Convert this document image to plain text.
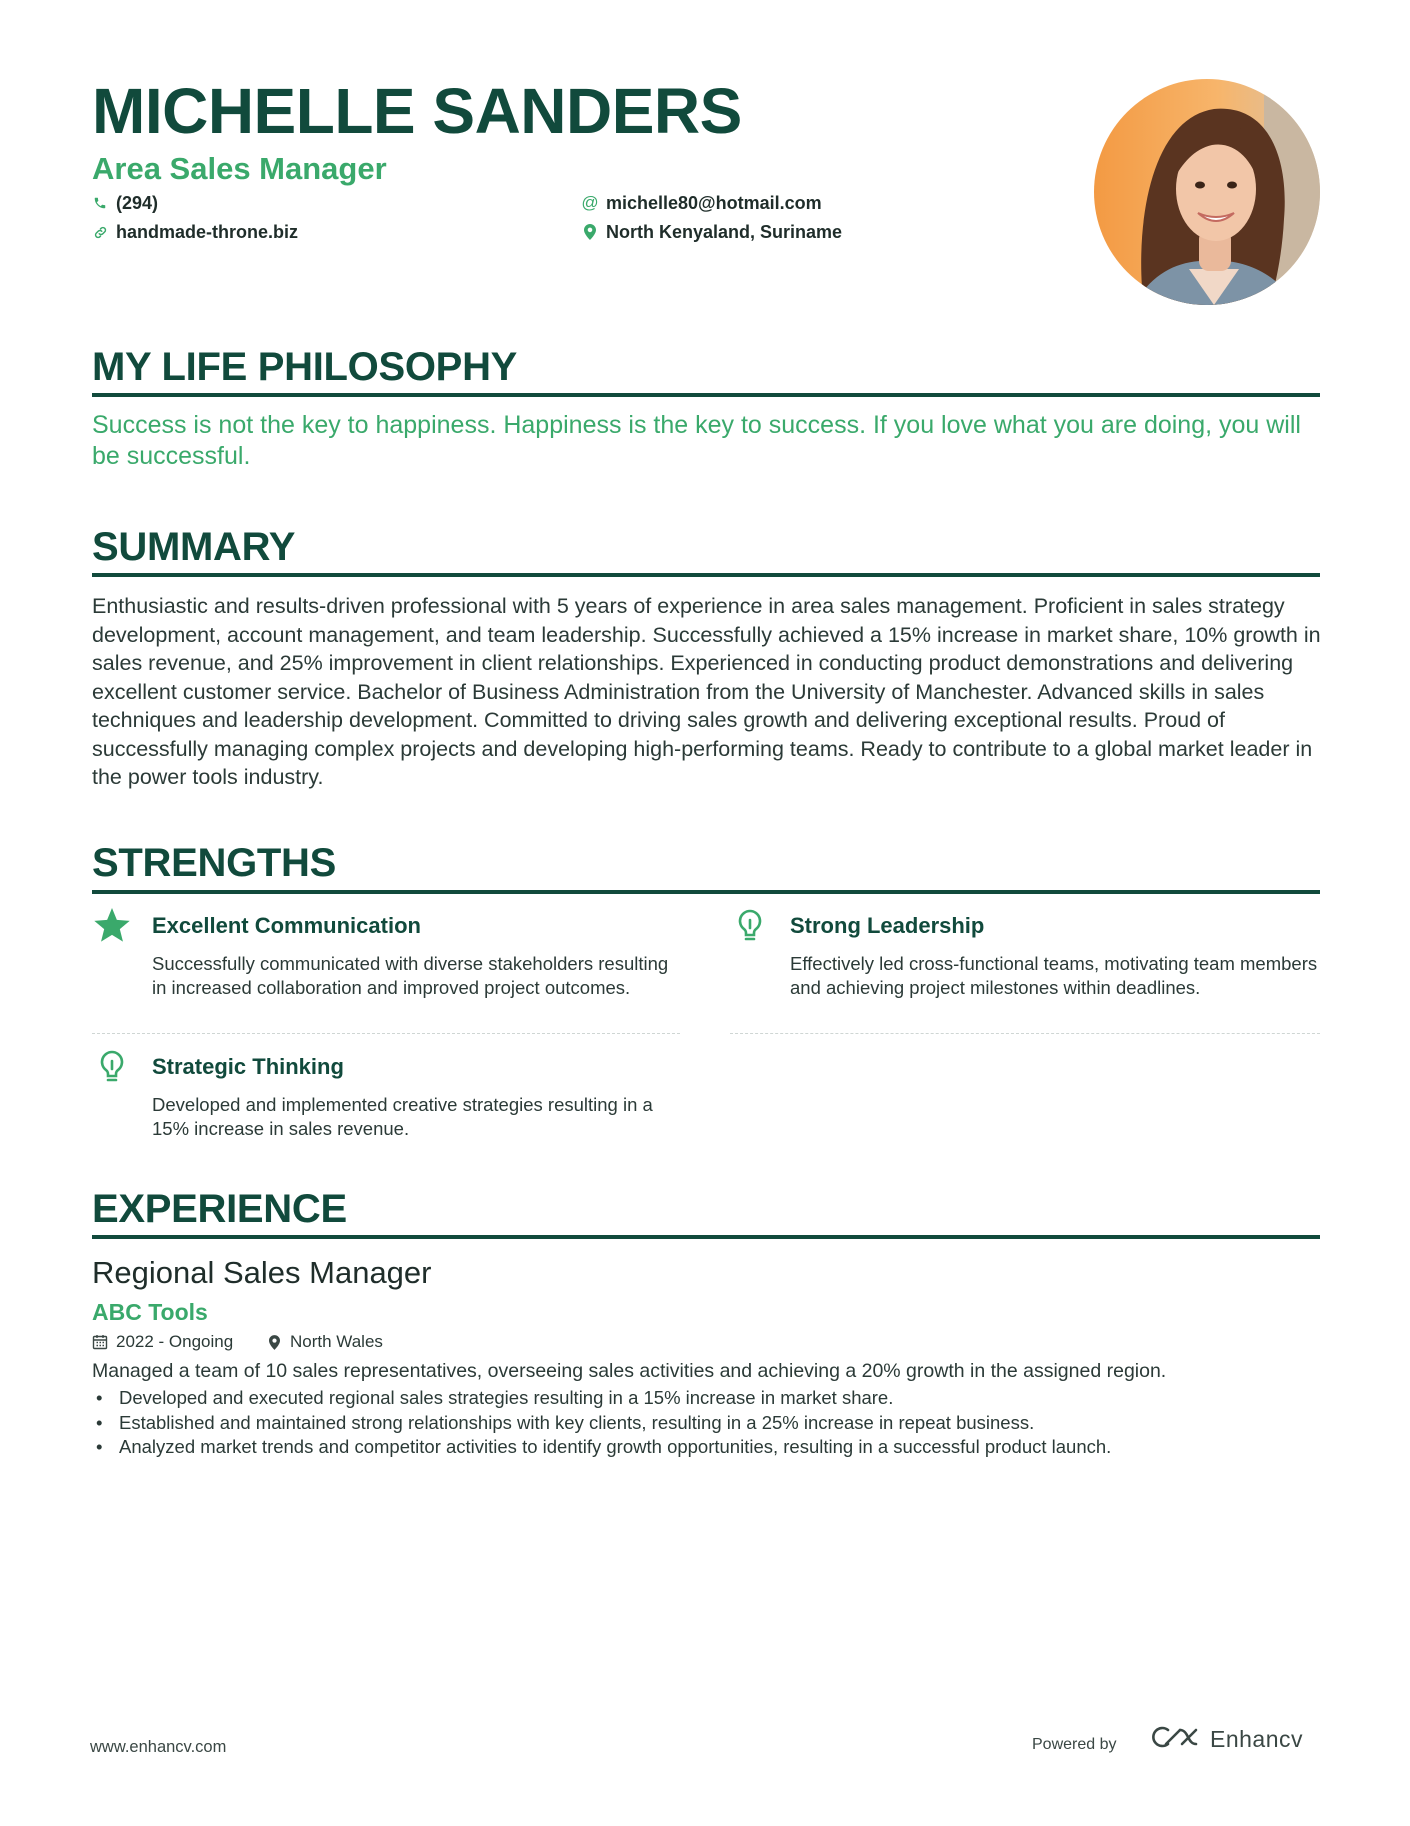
MICHELLE SANDERS
Area Sales Manager
(294)	@ michelle80@hotmail.com
handmade-throne.biz	North Kenyaland, Suriname
MY LIFE PHILOSOPHY
Success is not the key to happiness. Happiness is the key to success. If you love what you are doing, you will be successful.
SUMMARY
Enthusiastic and results-driven professional with 5 years of experience in area sales management. Proficient in sales strategy development, account management, and team leadership. Successfully achieved a 15% increase in market share, 10% growth in sales revenue, and 25% improvement in client relationships. Experienced in conducting product demonstrations and delivering excellent customer service. Bachelor of Business Administration from the University of Manchester. Advanced skills in sales techniques and leadership development. Committed to driving sales growth and delivering exceptional results. Proud of successfully managing complex projects and developing high-performing teams. Ready to contribute to a global market leader in the power tools industry.
STRENGTHS
Excellent Communication
Successfully communicated with diverse stakeholders resulting in increased collaboration and improved project outcomes.
Strong Leadership
Effectively led cross-functional teams, motivating team members and achieving project milestones within deadlines.
Strategic Thinking
Developed and implemented creative strategies resulting in a 15% increase in sales revenue.
EXPERIENCE
Regional Sales Manager
ABC Tools
2022 - Ongoing	North Wales
Managed a team of 10 sales representatives, overseeing sales activities and achieving a 20% growth in the assigned region.
• Developed and executed regional sales strategies resulting in a 15% increase in market share.
• Established and maintained strong relationships with key clients, resulting in a 25% increase in repeat business.
• Analyzed market trends and competitor activities to identify growth opportunities, resulting in a successful product launch.
www.enhancv.com	Powered by	Enhancv
